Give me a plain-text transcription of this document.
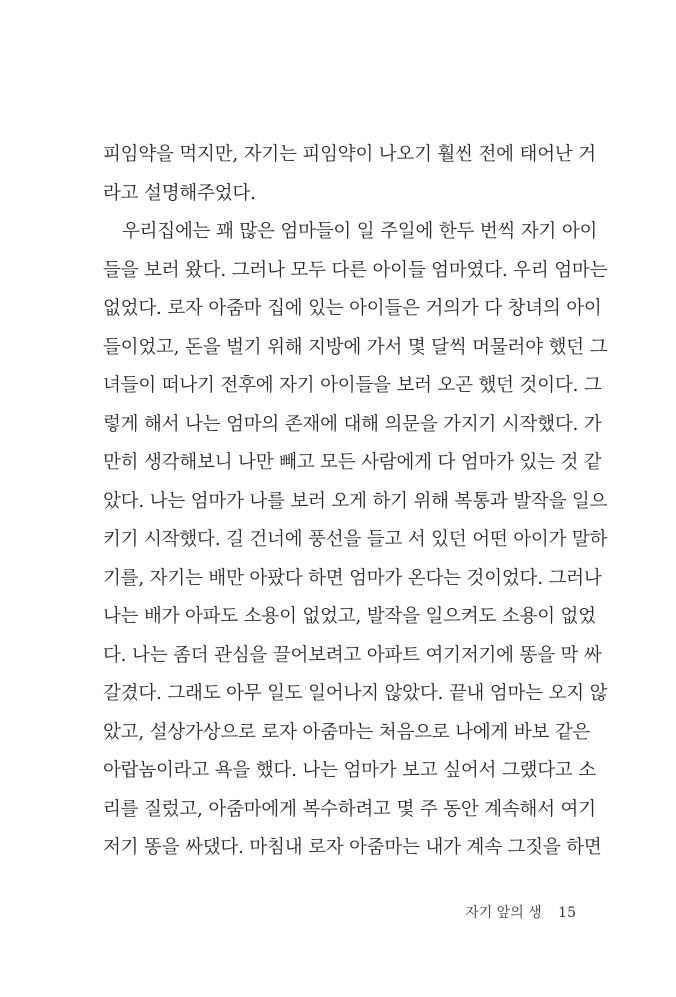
피임약을 먹지만, 자기는 피임약이 나오기 훨씬 전에 태어난 거
라고 설명해주었다.
우리집에는 꽤 많은 엄마들이 일 주일에 한두 번씩 자기 아이
들을 보러 왔다. 그러나 모두 다른 아이들 엄마였다. 우리 엄마는
없었다. 로자 아줌마 집에 있는 아이들은 거의가 다 창녀의 아이
들이었고, 돈을 벌기 위해 지방에 가서 몇 달씩 머물러야 했던 그
녀들이 떠나기 전후에 자기 아이들을 보러 오곤 했던 것이다. 그
렇게 해서 나는 엄마의 존재에 대해 의문을 가지기 시작했다. 가
만히 생각해보니 나만 빼고 모든 사람에게 다 엄마가 있는 것 같
았다. 나는 엄마가 나를 보러 오게 하기 위해 복통과 발작을 일으
키기 시작했다. 길 건너에 풍선을 들고 서 있던 어떤 아이가 말하
기를, 자기는 배만 아팠다 하면 엄마가 온다는 것이었다. 그러나
나는 배가 아파도 소용이 없었고, 발작을 일으켜도 소용이 없었
다. 나는 좀더 관심을 끌어보려고 아파트 여기저기에 똥을 막 싸
갈겼다. 그래도 아무 일도 일어나지 않았다. 끝내 엄마는 오지 않
았고, 설상가상으로 로자 아줌마는 처음으로 나에게 바보 같은
아랍놈이라고 욕을 했다. 나는 엄마가 보고 싶어서 그랬다고 소
리를 질렀고, 아줌마에게 복수하려고 몇 주 동안 계속해서 여기
저기 똥을 싸댔다. 마침내 로자 아줌마는 내가 계속 그짓을 하면
자기 앞의 생 15
